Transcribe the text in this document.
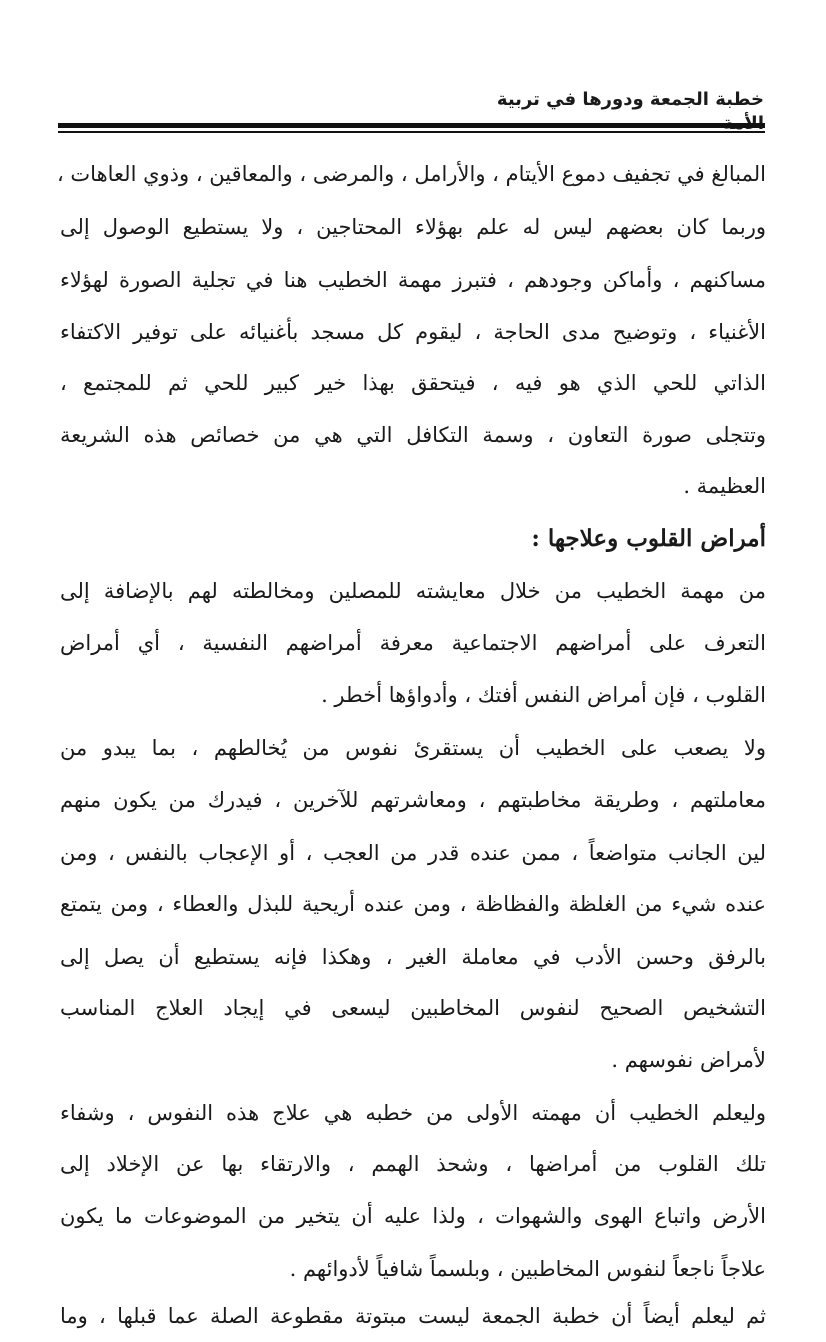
خطبة الجمعة ودورها في تربية
المبالغ في تجفيف دموع الأيتام ، والأرامل ، والمرضى ، والمعاقين ، وذوي العاهات ،
وربما كان بعضهم ليس له علم بهؤلاء المحتاجين ، ولا يستطيع الوصول إلى
مساكنهم ، وأماكن وجودهم ، فتبرز مهمة الخطيب هنا في تجلية الصورة لهؤلاء
الأغنياء ، وتوضيح مدى الحاجة ، ليقوم كل مسجد بأغنيائه على توفير الاكتفاء
الذاتي للحي الذي هو فيه ، فيتحقق بهذا خير كبير للحي ثم للمجتمع ،
وتتجلى صورة التعاون ، وسمة التكافل التي هي من خصائص هذه الشريعة
العظيمة .
أمراض القلوب وعلاجها :
من مهمة الخطيب من خلال معايشته للمصلين ومخالطته لهم بالإضافة إلى
التعرف على أمراضهم الاجتماعية معرفة أمراضهم النفسية ، أي أمراض
القلوب ، فإن أمراض النفس أفتك ، وأدواؤها أخطر .
ولا يصعب على الخطيب أن يستقرئ نفوس من يُخالطهم ، بما يبدو من
معاملتهم ، وطريقة مخاطبتهم ، ومعاشرتهم للآخرين ، فيدرك من يكون منهم
لين الجانب متواضعاً ، ممن عنده قدر من العجب ، أو الإعجاب بالنفس ، ومن
عنده شيء من الغلظة والفظاظة ، ومن عنده أريحية للبذل والعطاء ، ومن يتمتع
بالرفق وحسن الأدب في معاملة الغير ، وهكذا فإنه يستطيع أن يصل إلى
التشخيص الصحيح لنفوس المخاطبين ليسعى في إيجاد العلاج المناسب
لأمراض نفوسهم .
وليعلم الخطيب أن مهمته الأولى من خطبه هي علاج هذه النفوس ، وشفاء
تلك القلوب من أمراضها ، وشحذ الهمم ، والارتقاء بها عن الإخلاد إلى
الأرض واتباع الهوى والشهوات ، ولذا عليه أن يتخير من الموضوعات ما يكون
علاجاً ناجعاً لنفوس المخاطبين ، وبلسماً شافياً لأدوائهم .
ثم ليعلم أيضاً أن خطبة الجمعة ليست مبتوتة مقطوعة الصلة عما قبلها ، وما
